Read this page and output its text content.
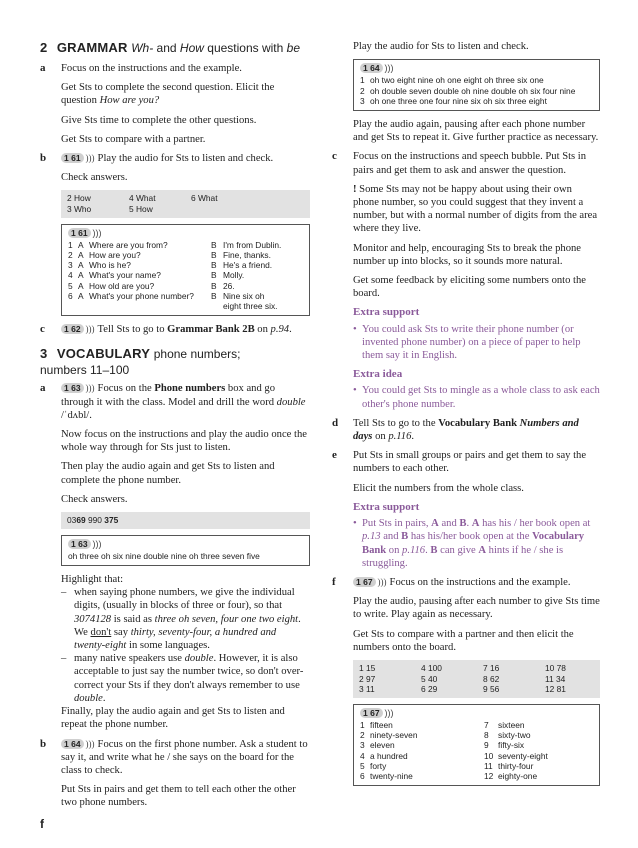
2 GRAMMAR Wh- and How questions with be
a Focus on the instructions and the example.

Get Sts to complete the second question. Elicit the question How are you?

Give Sts time to complete the other questions.

Get Sts to compare with a partner.

b	1 61 ))) Play the audio for Sts to listen and check.

Check answers.

2 How	4 What	6 What
3 Who	5 How	
1 61 )))
1	A	Where are you from?	B	I'm from Dublin.
2	A	How are you?	B	Fine, thanks.
3	A	Who is he?	B	He's a friend.
4	A	What's your name?	B	Molly.
5	A	How old are you?	B	26.
6	A	What's your phone number?	B	Nine six oh eight three six.
c	1 62 ))) Tell Sts to go to Grammar Bank 2B on p.94.

3 VOCABULARY phone numbers;
numbers 11–100
a	1 63 ))) Focus on the Phone numbers box and go through it with the class. Model and drill the word double /ˈdʌbl/.

Now focus on the instructions and play the audio once the whole way through for Sts just to listen.

Then play the audio again and get Sts to listen and complete the phone number.

Check answers.

0369 990 375
1 63 )))
oh three oh six nine double nine oh three seven five

Highlight that:

– when saying phone numbers, we give the individual digits, (usually in blocks of three or four), so that 3074128 is said as three oh seven, four one two eight. We don't say thirty, seventy-four, a hundred and twenty-eight in some languages.
– many native speakers use double. However, it is also acceptable to just say the number twice, so don't over-correct your Sts if they don't always remember to use double.

Finally, play the audio again and get Sts to listen and repeat the phone number.

b	1 64 ))) Focus on the first phone number. Ask a student to say it, and write what he / she says on the board for the class to check.

Put Sts in pairs and get them to tell each other the other two phone numbers.

Play the audio for Sts to listen and check.

1 64 )))
1	oh two eight nine oh one eight oh three six one
2	oh double seven double oh nine double oh six four nine
3	oh one three one four nine six oh six three eight

Play the audio again, pausing after each phone number and get Sts to repeat it. Give further practice as necessary.

c Focus on the instructions and speech bubble. Put Sts in pairs and get them to ask and answer the question.

! Some Sts may not be happy about using their own phone number, so you could suggest that they invent a number, but with a normal number of digits from the area where they live.

Monitor and help, encouraging Sts to break the phone number up into blocks, so it sounds more natural.

Get some feedback by eliciting some numbers onto the board.

Extra support
• You could ask Sts to write their phone number (or invented phone number) on a piece of paper to help them say it in English.
Extra idea
• You could get Sts to mingle as a whole class to ask each other's phone number.
d Tell Sts to go to the Vocabulary Bank Numbers and days on p.116.

e Put Sts in small groups or pairs and get them to say the numbers to each other.

Elicit the numbers from the whole class.

Extra support
• Put Sts in pairs, A and B. A has his / her book open at p.13 and B has his/her book open at the Vocabulary Bank on p.116. B can give A hints if he / she is struggling.
f	1 67 ))) Focus on the instructions and the example.

Play the audio, pausing after each number to give Sts time to write. Play again as necessary.

Get Sts to compare with a partner and then elicit the numbers onto the board.

1 15	4 100	7 16	10 78
2 97	5 40	8 62	11 34
3 11	6 29	9 56	12 81
1 67 )))
1	fifteen	7	sixteen
2	ninety-seven	8	sixty-two
3	eleven	9	fifty-six
4	a hundred	10	seventy-eight
5	forty	11	thirty-four
6	twenty-nine	12	eighty-one
f
